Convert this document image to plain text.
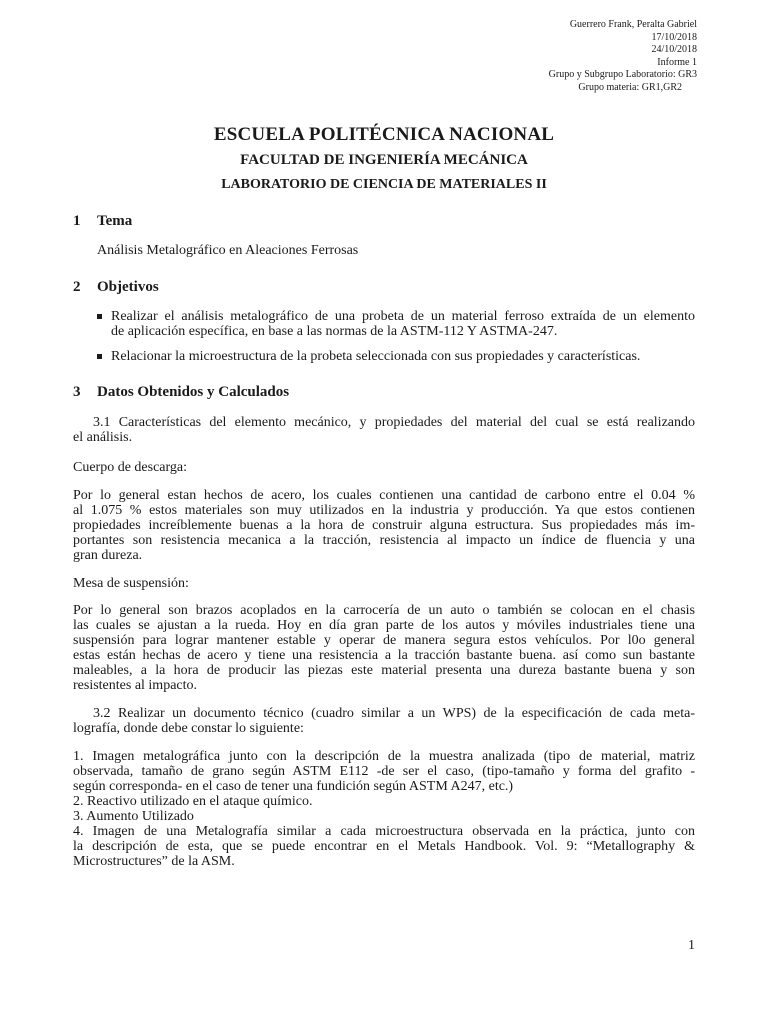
Guerrero Frank, Peralta Gabriel
17/10/2018
24/10/2018
Informe 1
Grupo y Subgrupo Laboratorio: GR3
Grupo materia: GR1,GR2
ESCUELA POLITÉCNICA NACIONAL
FACULTAD DE INGENIERÍA MECÁNICA
LABORATORIO DE CIENCIA DE MATERIALES II
1 Tema
Análisis Metalográfico en Aleaciones Ferrosas
2 Objetivos
Realizar el análisis metalográfico de una probeta de un material ferroso extraída de un elemento
de aplicación específica, en base a las normas de la ASTM-112 Y ASTMA-247.
Relacionar la microestructura de la probeta seleccionada con sus propiedades y características.
3 Datos Obtenidos y Calculados

3.1 Características del elemento mecánico, y propiedades del material del cual se está realizando
el análisis.

Cuerpo de descarga:

Por lo general estan hechos de acero, los cuales contienen una cantidad de carbono entre el 0.04 %
al 1.075 % estos materiales son muy utilizados en la industria y producción. Ya que estos contienen
propiedades increíblemente buenas a la hora de construir alguna estructura. Sus propiedades más im-
portantes son resistencia mecanica a la tracción, resistencia al impacto un índice de fluencia y una
gran dureza.

Mesa de suspensión:

Por lo general son brazos acoplados en la carrocería de un auto o también se colocan en el chasis
las cuales se ajustan a la rueda. Hoy en día gran parte de los autos y móviles industriales tiene una
suspensión para lograr mantener estable y operar de manera segura estos vehículos. Por l0o general
estas están hechas de acero y tiene una resistencia a la tracción bastante buena. así como sun bastante
maleables, a la hora de producir las piezas este material presenta una dureza bastante buena y son
resistentes al impacto.

3.2 Realizar un documento técnico (cuadro similar a un WPS) de la especificación de cada meta-
lografía, donde debe constar lo siguiente:

1. Imagen metalográfica junto con la descripción de la muestra analizada (tipo de material, matriz
observada, tamaño de grano según ASTM E112 -de ser el caso, (tipo-tamaño y forma del grafito -
según corresponda- en el caso de tener una fundición según ASTM A247, etc.)
2. Reactivo utilizado en el ataque químico.
3. Aumento Utilizado
4. Imagen de una Metalografía similar a cada microestructura observada en la práctica, junto con
la descripción de esta, que se puede encontrar en el Metals Handbook. Vol. 9: “Metallography &
Microstructures” de la ASM.

1
